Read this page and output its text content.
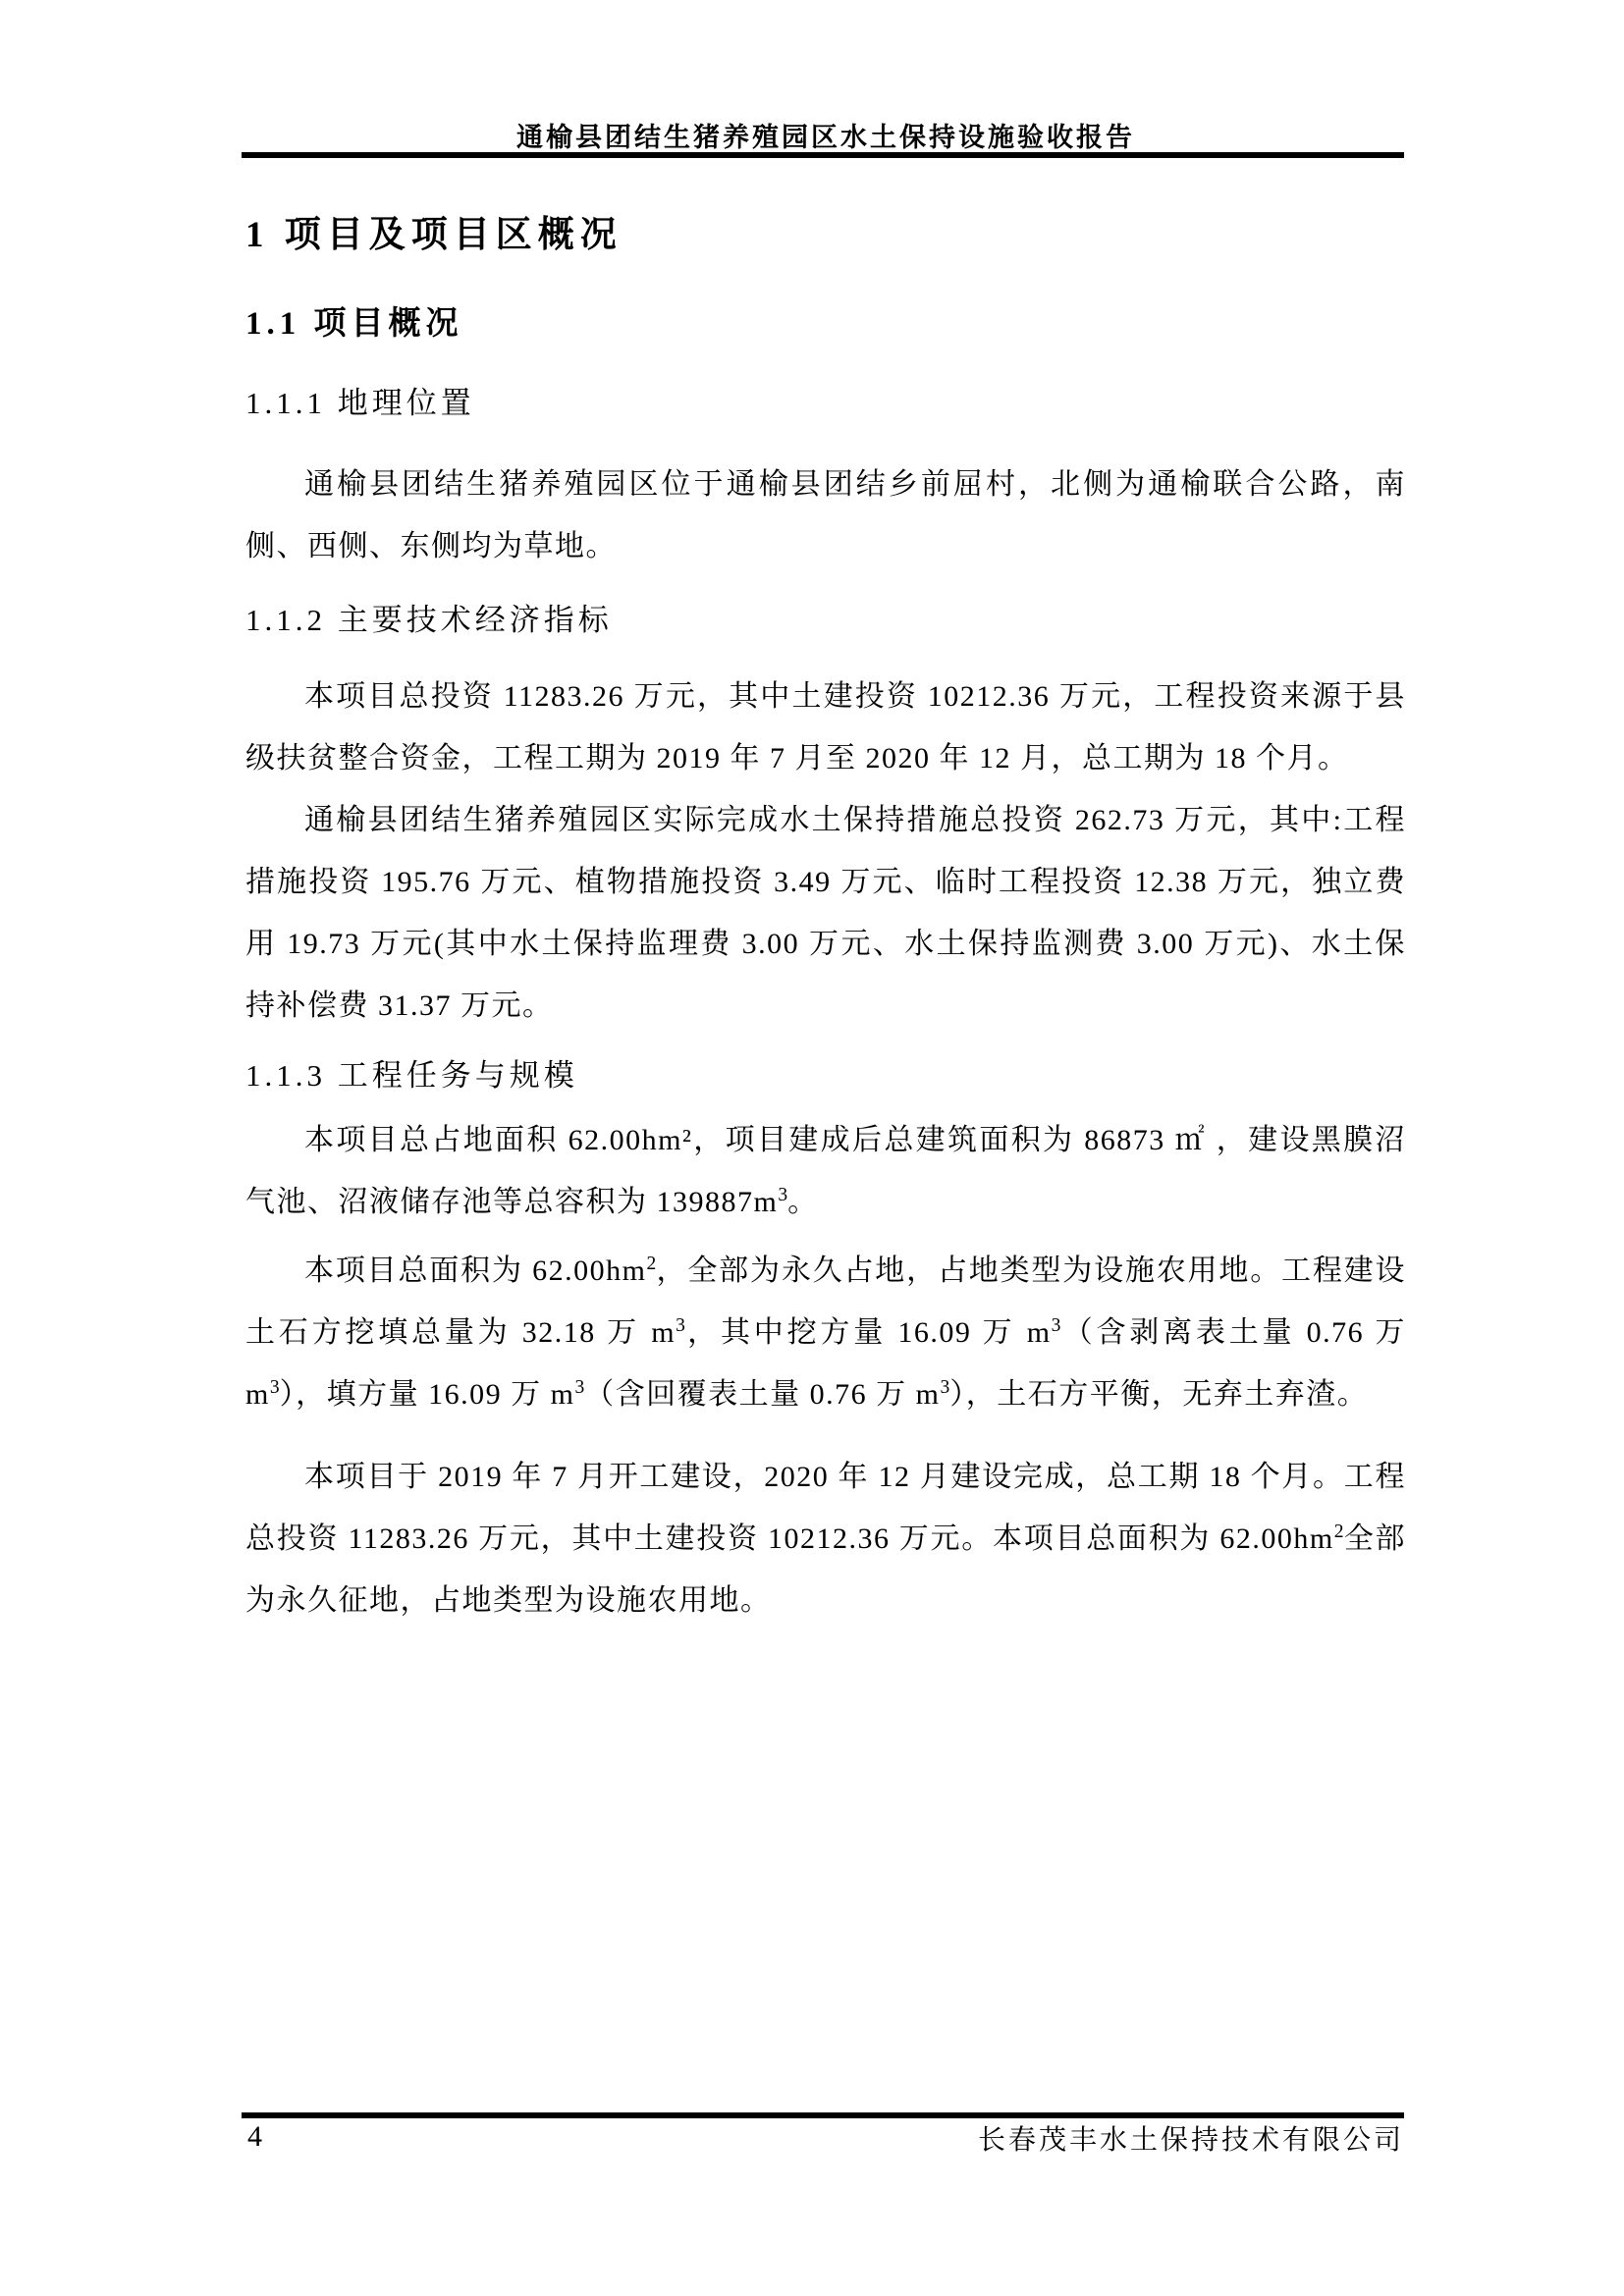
通榆县团结生猪养殖园区水土保持设施验收报告
1 项目及项目区概况
1.1 项目概况
1.1.1 地理位置

通榆县团结生猪养殖园区位于通榆县团结乡前屈村，北侧为通榆联合公路，南侧、西侧、东侧均为草地。

1.1.2 主要技术经济指标

本项目总投资 11283.26 万元，其中土建投资 10212.36 万元，工程投资来源于县级扶贫整合资金，工程工期为 2019 年 7 月至 2020 年 12 月，总工期为 18 个月。

通榆县团结生猪养殖园区实际完成水土保持措施总投资 262.73 万元，其中:工程措施投资 195.76 万元、植物措施投资 3.49 万元、临时工程投资 12.38 万元，独立费用 19.73 万元(其中水土保持监理费 3.00 万元、水土保持监测费 3.00 万元)、水土保持补偿费 31.37 万元。

1.1.3 工程任务与规模

本项目总占地面积 62.00hm²，项目建成后总建筑面积为 86873 ㎡ ，建设黑膜沼气池、沼液储存池等总容积为 $139887m^3$。

本项目总面积为 $62.00hm^2$，全部为永久占地，占地类型为设施农用地。工程建设土石方挖填总量为 32.18 万 $m^3$，其中挖方量 16.09 万 $m^3$（含剥离表土量 0.76 万 $m^3$），填方量 16.09 万 $m^3$（含回覆表土量 0.76 万 $m^3$），土石方平衡，无弃土弃渣。

本项目于 2019 年 7 月开工建设，2020 年 12 月建设完成，总工期 18 个月。工程总投资 11283.26 万元，其中土建投资 10212.36 万元。本项目总面积为 $62.00hm^2$全部为永久征地，占地类型为设施农用地。

4	长春茂丰水土保持技术有限公司
